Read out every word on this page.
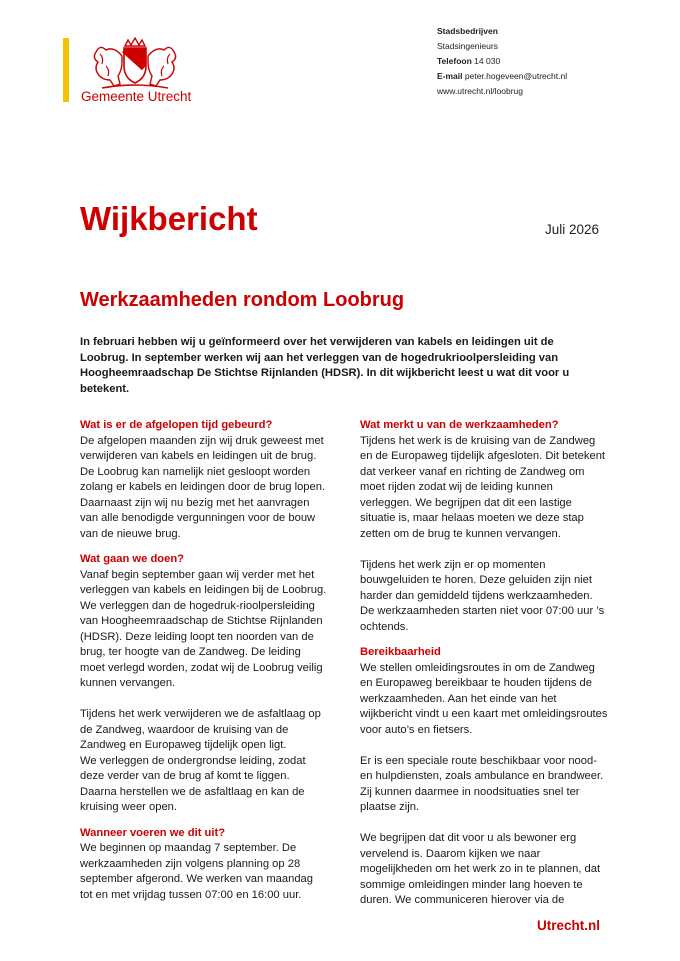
Gemeente Utrecht
Stadsbedrijven
Stadsingenieurs
Telefoon 14 030
E-mail peter.hogeveen@utrecht.nl
www.utrecht.nl/loobrug
Wijkbericht	Juli 2026
Werkzaamheden rondom Loobrug

In februari hebben wij u geïnformeerd over het verwijderen van kabels en leidingen uit de Loobrug. In september werken wij aan het verleggen van de hogedrukrioolpersleiding van Hoogheemraadschap De Stichtse Rijnlanden (HDSR). In dit wijkbericht leest u wat dit voor u betekent.

Wat is er de afgelopen tijd gebeurd?

De afgelopen maanden zijn wij druk geweest met verwijderen van kabels en leidingen uit de brug. De Loobrug kan namelijk niet gesloopt worden zolang er kabels en leidingen door de brug lopen. Daarnaast zijn wij nu bezig met het aanvragen van alle benodigde vergunningen voor de bouw van de nieuwe brug.

Wat gaan we doen?

Vanaf begin september gaan wij verder met het verleggen van kabels en leidingen bij de Loobrug. We verleggen dan de hogedruk-rioolpersleiding van Hoogheemraadschap de Stichtse Rijnlanden (HDSR). Deze leiding loopt ten noorden van de brug, ter hoogte van de Zandweg. De leiding moet verlegd worden, zodat wij de Loobrug veilig kunnen vervangen.

Tijdens het werk verwijderen we de asfaltlaag op de Zandweg, waardoor de kruising van de Zandweg en Europaweg tijdelijk open ligt.

We verleggen de ondergrondse leiding, zodat deze verder van de brug af komt te liggen. Daarna herstellen we de asfaltlaag en kan de kruising weer open.

Wanneer voeren we dit uit?

We beginnen op maandag 7 september. De werkzaamheden zijn volgens planning op 28 september afgerond. We werken van maandag tot en met vrijdag tussen 07:00 en 16:00 uur.

Wat merkt u van de werkzaamheden?

Tijdens het werk is de kruising van de Zandweg en de Europaweg tijdelijk afgesloten. Dit betekent dat verkeer vanaf en richting de Zandweg om moet rijden zodat wij de leiding kunnen verleggen. We begrijpen dat dit een lastige situatie is, maar helaas moeten we deze stap zetten om de brug te kunnen vervangen.

Tijdens het werk zijn er op momenten bouwgeluiden te horen. Deze geluiden zijn niet harder dan gemiddeld tijdens werkzaamheden. De werkzaamheden starten niet voor 07:00 uur ’s ochtends.

Bereikbaarheid

We stellen omleidingsroutes in om de Zandweg en Europaweg bereikbaar te houden tijdens de werkzaamheden. Aan het einde van het wijkbericht vindt u een kaart met omleidingsroutes voor auto’s en fietsers.

Er is een speciale route beschikbaar voor nood- en hulpdiensten, zoals ambulance en brandweer. Zij kunnen daarmee in noodsituaties snel ter plaatse zijn.

We begrijpen dat dit voor u als bewoner erg vervelend is. Daarom kijken we naar mogelijkheden om het werk zo in te plannen, dat sommige omleidingen minder lang hoeven te duren. We communiceren hierover via de

Utrecht.nl
